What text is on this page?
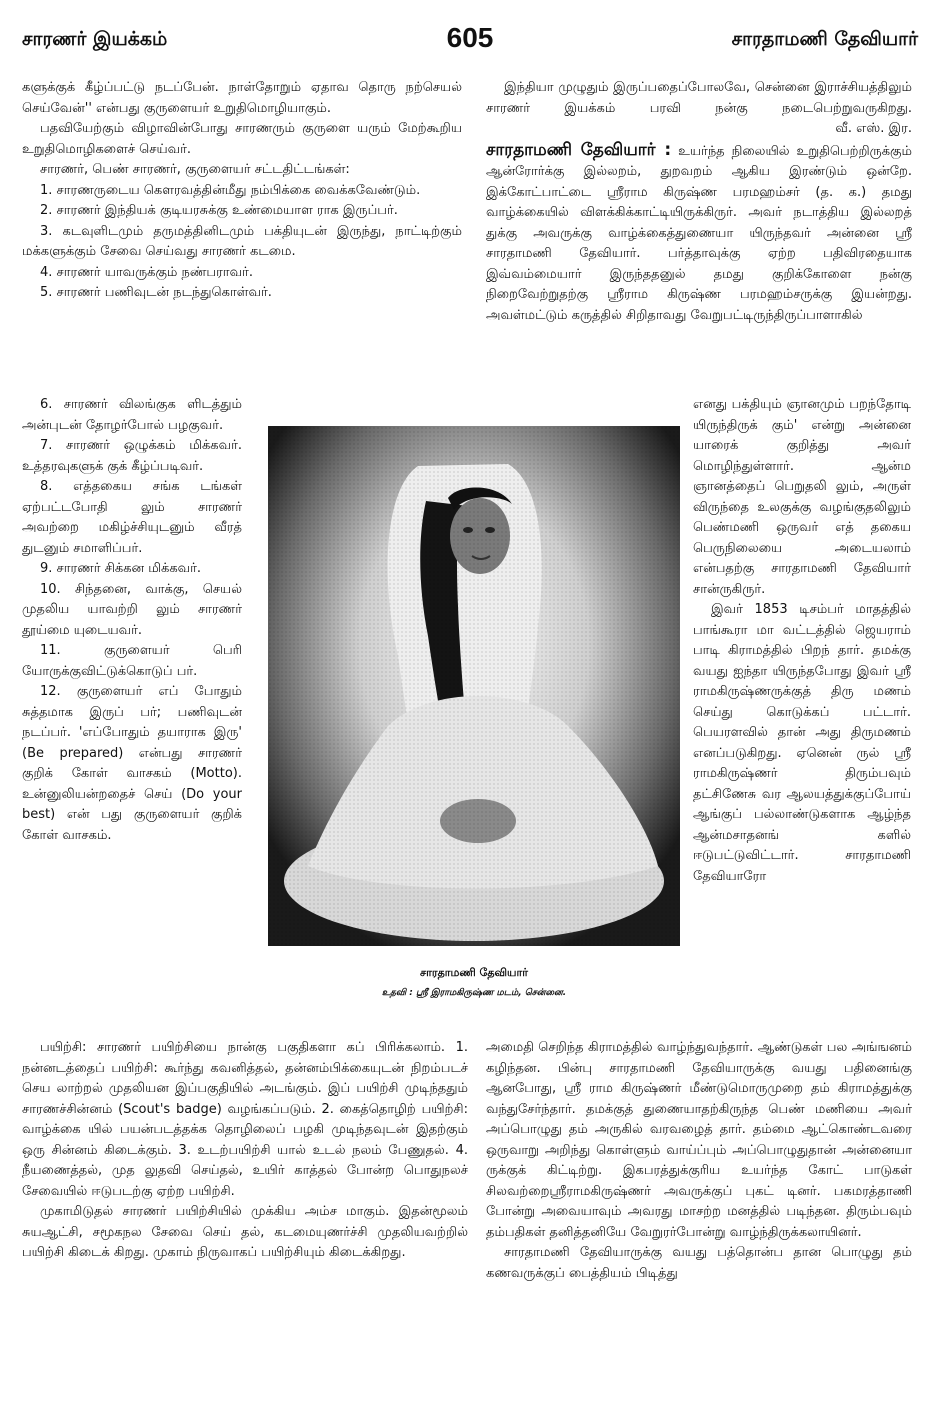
சாரணர் இயக்கம்	605	சாரதாமணி தேவியார்

களுக்குக் கீழ்ப்பட்டு நடப்பேன். நாள்தோறும் ஏதாவ தொரு நற்செயல் செய்வேன்'' என்பது குருளையர் உறுதிமொழியாகும்.

பதவியேற்கும் விழாவின்போது சாரணரும் குருளை யரும் மேற்கூறிய உறுதிமொழிகளைச் செய்வர்.

சாரணர், பெண் சாரணர், குருளையர் சட்டதிட்டங்கள்:

1. சாரணருடைய கௌரவத்தின்மீது நம்பிக்கை வைக்கவேண்டும்.

2. சாரணர் இந்தியக் குடியரசுக்கு உண்மையாள ராக இருப்பர்.

3. கடவுளிடமும் தருமத்தினிடமும் பக்தியுடன் இருந்து, நாட்டிற்கும் மக்களுக்கும் சேவை செய்வது சாரணர் கடமை.

4. சாரணர் யாவருக்கும் நண்பராவர்.

5. சாரணர் பணிவுடன் நடந்துகொள்வர்.

6. சாரணர் விலங்குக ளிடத்தும் அன்புடன் தோழர்போல் பழகுவர்.

7. சாரணர் ஒழுக்கம் மிக்கவர். உத்தரவுகளுக் குக் கீழ்ப்படிவர்.

8. எத்தகைய சங்க டங்கள் ஏற்பட்டபோதி லும் சாரணர் அவற்றை மகிழ்ச்சியுடனும் வீரத் துடனும் சமாளிப்பர்.

9. சாரணர் சிக்கன மிக்கவர்.

10. சிந்தனை, வாக்கு, செயல் முதலிய யாவற்றி லும் சாரணர் தூய்மை யுடையவர்.

11. குருளையர் பெரி யோருக்குவிட்டுக்கொடுப் பர்.

12. குருளையர் எப் போதும் சுத்தமாக இருப் பர்; பணிவுடன் நடப்பர். 'எப்போதும் தயாராக இரு' (Be prepared) என்பது சாரணர் குறிக் கோள் வாசகம் (Motto). உன்னுலியன்றதைச் செய் (Do your best) என் பது குருளையர் குறிக் கோள் வாசகம்.

இந்தியா முழுதும் இருப்பதைப்போலவே, சென்னை இராச்சியத்திலும் சாரணர் இயக்கம் பரவி நன்கு நடைபெற்றுவருகிறது. வீ. எஸ். இர.

சாரதாமணி தேவியார் : உயர்ந்த நிலையில் உறுதிபெற்றிருக்கும் ஆன்ரோர்க்கு இல்லறம், துறவறம் ஆகிய இரண்டும் ஒன்றே. இக்கோட்பாட்டை ஸ்ரீராம கிருஷ்ண பரமஹம்சர் (த. க.) தமது வாழ்க்கையில் விளக்கிக்காட்டியிருக்கிருர். அவர் நடாத்திய இல்லறத் துக்கு அவருக்கு வாழ்க்கைத்துணையா யிருந்தவர் அன்னை ஸ்ரீ சாரதாமணி தேவியார். பர்த்தாவுக்கு ஏற்ற பதிவிரதையாக இவ்வம்மையார் இருந்ததனுல் தமது குறிக்கோளை நன்கு நிறைவேற்றுதற்கு ஸ்ரீராம கிருஷ்ண பரமஹம்சருக்கு இயன்றது. அவள்மட்டும் கருத்தில் சிறிதாவது வேறுபட்டிருந்திருப்பாளாகில்

எனது பக்தியும் ஞானமும் பறந்தோடி யிருந்திருக் கும்' என்று அன்னை யாரைக் குறித்து அவர் மொழிந்துள்ளார். ஆன்ம ஞானத்தைப் பெறுதலி லும், அருள் விருந்தை உலகுக்கு வழங்குதலிலும் பெண்மணி ஒருவர் எத் தகைய பெருநிலையை அடையலாம் என்பதற்கு சாரதாமணி தேவியார் சான்ருகிருர்.

இவர் 1853 டிசம்பர் மாதத்தில் பாங்கூரா மா வட்டத்தில் ஜெயராம் பாடி கிராமத்தில் பிறந் தார். தமக்கு வயது ஐந்தா யிருந்தபோது இவர் ஸ்ரீ ராமகிருஷ்ணருக்குத் திரு மணம் செய்து கொடுக்கப் பட்டார். பெயரளவில் தான் அது திருமணம் எனப்படுகிறது. ஏனென் ருல் ஸ்ரீ ராமகிருஷ்ணர் திரும்பவும் தட்சிணேசு வர ஆலயத்துக்குப்போய் ஆங்குப் பல்லாண்டுகளாக ஆழ்ந்த ஆன்மசாதனங் களில் ஈடுபட்டுவிட்டார். சாரதாமணி தேவியாரோ

சாரதாமணி தேவியார்
உதவி : ஸ்ரீ இராமகிருஷ்ண மடம், சென்னை.

பயிற்சி: சாரணர் பயிற்சியை நான்கு பகுதிகளா கப் பிரிக்கலாம். 1. நன்னடத்தைப் பயிற்சி: கூர்ந்து கவனித்தல், தன்னம்பிக்கையுடன் நிறம்படச் செய லாற்றல் முதலியன இப்பகுதியில் அடங்கும். இப் பயிற்சி முடிந்ததும் சாரணச்சின்னம் (Scout's badge) வழங்கப்படும். 2. கைத்தொழிற் பயிற்சி: வாழ்க்கை யில் பயன்படத்தக்க தொழிலைப் பழகி முடிந்தவுடன் இதற்கும் ஒரு சின்னம் கிடைக்கும். 3. உடற்பயிற்சி யால் உடல் நலம் பேணுதல். 4. நீயணைத்தல், முத லுதவி செய்தல், உயிர் காத்தல் போன்ற பொதுநலச் சேவையில் ஈடுபடற்கு ஏற்ற பயிற்சி.

முகாமிடுதல் சாரணர் பயிற்சியில் முக்கிய அம்ச மாகும். இதன்மூலம் சுயஆட்சி, சமூகநல சேவை செய் தல், கடமையுணர்ச்சி முதலியவற்றில் பயிற்சி கிடைக் கிறது. முகாம் நிருவாகப் பயிற்சியும் கிடைக்கிறது.

அமைதி செறிந்த கிராமத்தில் வாழ்ந்துவந்தார். ஆண்டுகள் பல அங்ஙனம் கழிந்தன. பின்பு சாரதாமணி தேவியாருக்கு வயது பதினைங்கு ஆனபோது, ஸ்ரீ ராம கிருஷ்ணர் மீண்டுமொருமுறை தம் கிராமத்துக்கு வந்துசேர்ந்தார். தமக்குத் துணையாதற்கிருந்த பெண் மணியை அவர் அப்பொழுது தம் அருகில் வரவழைத் தார். தம்மை ஆட்கொண்டவரை ஒருவாறு அறிந்து கொள்ளும் வாய்ப்பும் அப்பொழுதுதான் அன்னையா ருக்குக் கிட்டிற்று. இகபரத்துக்குரிய உயர்ந்த கோட் பாடுகள் சிலவற்றைஸ்ரீராமகிருஷ்ணர் அவருக்குப் புகட் டினர். பகமரத்தாணி போன்று அவையாவும் அவரது மாசற்ற மனத்தில் படிந்தன. திரும்பவும் தம்பதிகள் தனித்தனியே வேறுரர்போன்று வாழ்ந்திருக்கலாயினர்.

சாரதாமணி தேவியாருக்கு வயது பத்தொன்ப தான பொழுது தம் கணவருக்குப் பைத்தியம் பிடித்து
